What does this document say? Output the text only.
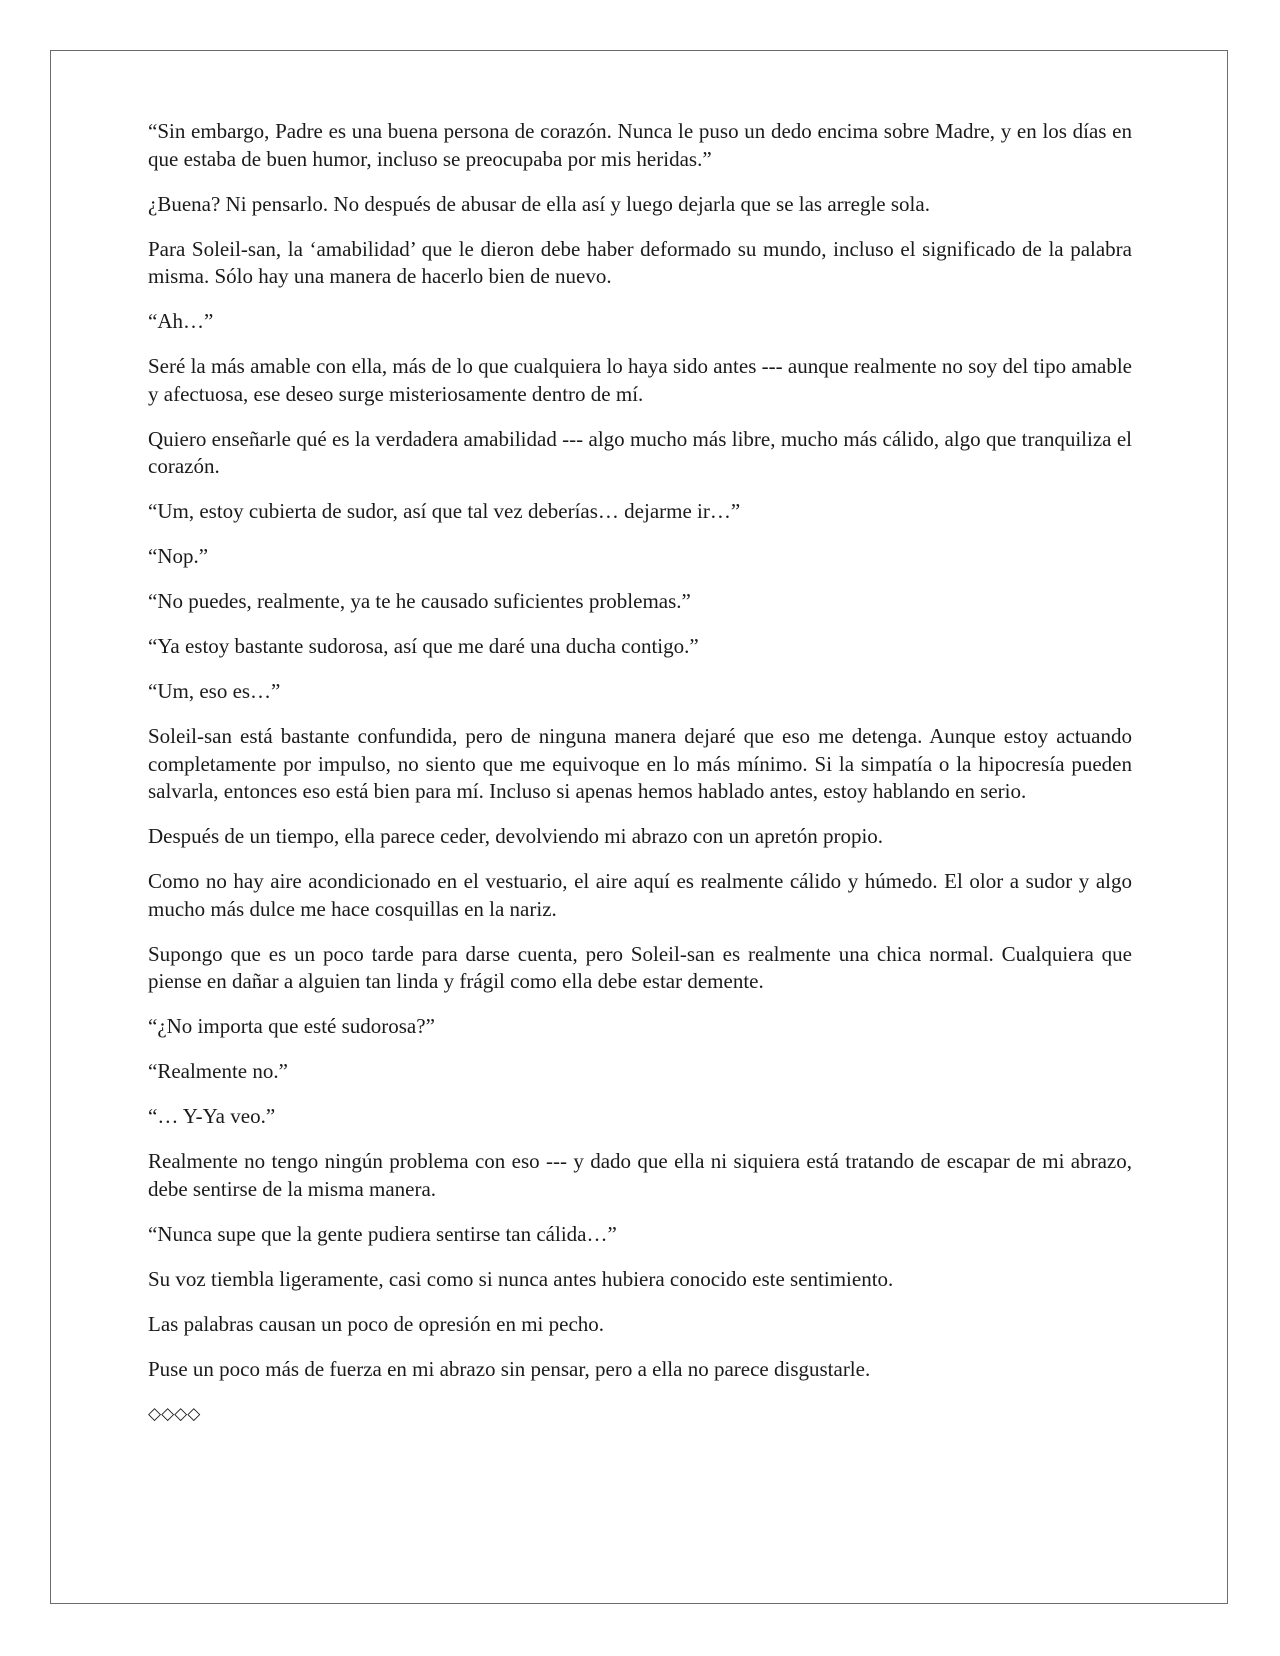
“Sin embargo, Padre es una buena persona de corazón. Nunca le puso un dedo encima sobre Madre, y en los días en que estaba de buen humor, incluso se preocupaba por mis heridas.”

¿Buena? Ni pensarlo. No después de abusar de ella así y luego dejarla que se las arregle sola.

Para Soleil-san, la ‘amabilidad’ que le dieron debe haber deformado su mundo, incluso el significado de la palabra misma. Sólo hay una manera de hacerlo bien de nuevo.

“Ah…”

Seré la más amable con ella, más de lo que cualquiera lo haya sido antes --- aunque realmente no soy del tipo amable y afectuosa, ese deseo surge misteriosamente dentro de mí.

Quiero enseñarle qué es la verdadera amabilidad --- algo mucho más libre, mucho más cálido, algo que tranquiliza el corazón.

“Um, estoy cubierta de sudor, así que tal vez deberías… dejarme ir…”

“Nop.”

“No puedes, realmente, ya te he causado suficientes problemas.”

“Ya estoy bastante sudorosa, así que me daré una ducha contigo.”

“Um, eso es…”

Soleil-san está bastante confundida, pero de ninguna manera dejaré que eso me detenga. Aunque estoy actuando completamente por impulso, no siento que me equivoque en lo más mínimo. Si la simpatía o la hipocresía pueden salvarla, entonces eso está bien para mí. Incluso si apenas hemos hablado antes, estoy hablando en serio.

Después de un tiempo, ella parece ceder, devolviendo mi abrazo con un apretón propio.

Como no hay aire acondicionado en el vestuario, el aire aquí es realmente cálido y húmedo. El olor a sudor y algo mucho más dulce me hace cosquillas en la nariz.

Supongo que es un poco tarde para darse cuenta, pero Soleil-san es realmente una chica normal. Cualquiera que piense en dañar a alguien tan linda y frágil como ella debe estar demente.

“¿No importa que esté sudorosa?”

“Realmente no.”

“… Y-Ya veo.”

Realmente no tengo ningún problema con eso --- y dado que ella ni siquiera está tratando de escapar de mi abrazo, debe sentirse de la misma manera.

“Nunca supe que la gente pudiera sentirse tan cálida…”

Su voz tiembla ligeramente, casi como si nunca antes hubiera conocido este sentimiento.

Las palabras causan un poco de opresión en mi pecho.

Puse un poco más de fuerza en mi abrazo sin pensar, pero a ella no parece disgustarle.

◇◇◇◇
